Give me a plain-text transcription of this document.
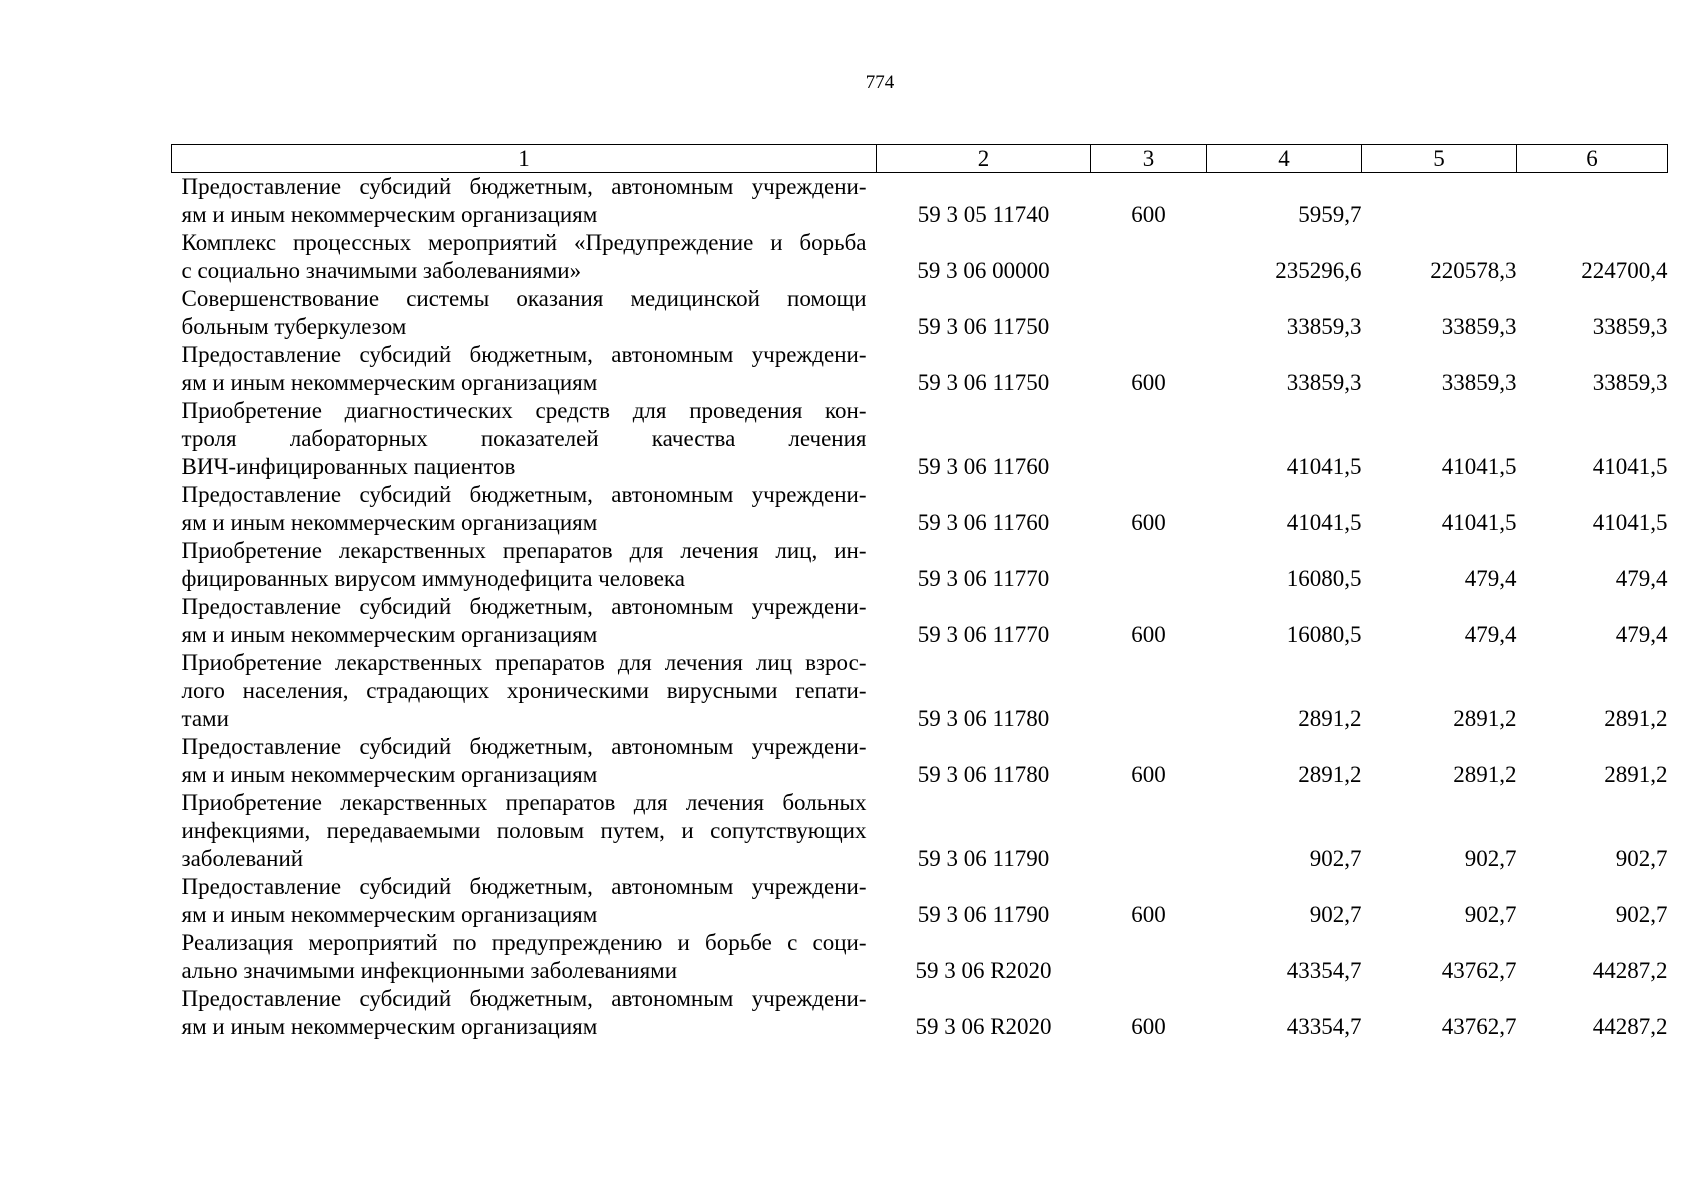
774
1	2	3	4	5	6

Предоставление субсидий бюджетным, автономным учреждени-
ям и иным некоммерческим организациям	59 3 05 11740	600	5959,7		

Комплекс процессных мероприятий «Предупреждение и борьба
с социально значимыми заболеваниями»	59 3 06 00000		235296,6	220578,3	224700,4

Совершенствование системы оказания медицинской помощи
больным туберкулезом	59 3 06 11750		33859,3	33859,3	33859,3

Предоставление субсидий бюджетным, автономным учреждени-
ям и иным некоммерческим организациям	59 3 06 11750	600	33859,3	33859,3	33859,3

Приобретение диагностических средств для проведения кон-
троля лабораторных показателей качества лечения
ВИЧ-инфицированных пациентов	59 3 06 11760		41041,5	41041,5	41041,5

Предоставление субсидий бюджетным, автономным учреждени-
ям и иным некоммерческим организациям	59 3 06 11760	600	41041,5	41041,5	41041,5

Приобретение лекарственных препаратов для лечения лиц, ин-
фицированных вирусом иммунодефицита человека	59 3 06 11770		16080,5	479,4	479,4

Предоставление субсидий бюджетным, автономным учреждени-
ям и иным некоммерческим организациям	59 3 06 11770	600	16080,5	479,4	479,4

Приобретение лекарственных препаратов для лечения лиц взрос-
лого населения, страдающих хроническими вирусными гепати-
тами	59 3 06 11780		2891,2	2891,2	2891,2

Предоставление субсидий бюджетным, автономным учреждени-
ям и иным некоммерческим организациям	59 3 06 11780	600	2891,2	2891,2	2891,2

Приобретение лекарственных препаратов для лечения больных
инфекциями, передаваемыми половым путем, и сопутствующих
заболеваний	59 3 06 11790		902,7	902,7	902,7

Предоставление субсидий бюджетным, автономным учреждени-
ям и иным некоммерческим организациям	59 3 06 11790	600	902,7	902,7	902,7

Реализация мероприятий по предупреждению и борьбе с соци-
ально значимыми инфекционными заболеваниями	59 3 06 R2020		43354,7	43762,7	44287,2

Предоставление субсидий бюджетным, автономным учреждени-
ям и иным некоммерческим организациям	59 3 06 R2020	600	43354,7	43762,7	44287,2
